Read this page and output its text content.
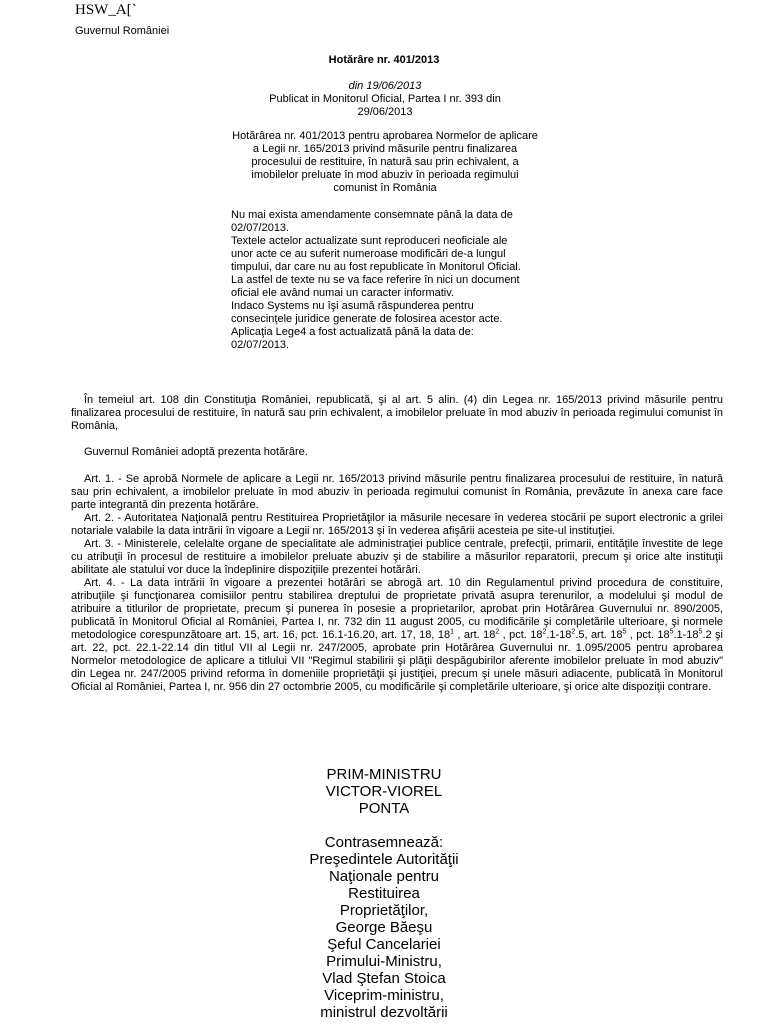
HSW_A[`
Guvernul României
Hotărâre nr. 401/2013
din 19/06/2013
Publicat in Monitorul Oficial, Partea I nr. 393 din
29/06/2013
Hotărârea nr. 401/2013 pentru aprobarea Normelor de aplicare a Legii nr. 165/2013 privind măsurile pentru finalizarea procesului de restituire, în natură sau prin echivalent, a imobilelor preluate în mod abuziv în perioada regimului comunist în România

Nu mai exista amendamente consemnate până la data de 02/07/2013.

Textele actelor actualizate sunt reproduceri neoficiale ale unor acte ce au suferit numeroase modificări de-a lungul timpului, dar care nu au fost republicate în Monitorul Oficial. La astfel de texte nu se va face referire în nici un document oficial ele având numai un caracter informativ.

Indaco Systems nu îşi asumă răspunderea pentru consecinţele juridice generate de folosirea acestor acte.

Aplicaţia Lege4 a fost actualizată până la data de: 02/07/2013.

În temeiul art. 108 din Constituţia României, republicată, şi al art. 5 alin. (4) din Legea nr. 165/2013 privind măsurile pentru finalizarea procesului de restituire, în natură sau prin echivalent, a imobilelor preluate în mod abuziv în perioada regimului comunist în România,

Guvernul României adoptă prezenta hotărâre.

Art. 1. - Se aprobă Normele de aplicare a Legii nr. 165/2013 privind măsurile pentru finalizarea procesului de restituire, în natură sau prin echivalent, a imobilelor preluate în mod abuziv în perioada regimului comunist în România, prevăzute în anexa care face parte integrantă din prezenta hotărâre.

Art. 2. - Autoritatea Naţională pentru Restituirea Proprietăţilor ia măsurile necesare în vederea stocării pe suport electronic a grilei notariale valabile la data intrării în vigoare a Legii nr. 165/2013 şi în vederea afişării acesteia pe site-ul instituţiei.

Art. 3. - Ministerele, celelalte organe de specialitate ale administraţiei publice centrale, prefecţii, primarii, entităţile învestite de lege cu atribuţii în procesul de restituire a imobilelor preluate abuziv şi de stabilire a măsurilor reparatorii, precum şi orice alte instituţii abilitate ale statului vor duce la îndeplinire dispoziţiile prezentei hotărâri.

Art. 4. - La data intrării în vigoare a prezentei hotărâri se abrogă art. 10 din Regulamentul privind procedura de constituire, atribuţiile şi funcţionarea comisiilor pentru stabilirea dreptului de proprietate privată asupra terenurilor, a modelului şi modul de atribuire a titlurilor de proprietate, precum şi punerea în posesie a proprietarilor, aprobat prin Hotărârea Guvernului nr. 890/2005, publicată în Monitorul Oficial al României, Partea I, nr. 732 din 11 august 2005, cu modificările şi completările ulterioare, şi normele metodologice corespunzătoare art. 15, art. 16, pct. 16.1-16.20, art. 17, 18, $18^1$ , art. $18^2$ , pct. $18^2.1-18^2.5$, art. $18^5$ , pct. $18^5.1-18^5.2$ şi art. 22, pct. 22.1-22.14 din titlul VII al Legii nr. 247/2005, aprobate prin Hotărârea Guvernului nr. 1.095/2005 pentru aprobarea Normelor metodologice de aplicare a titlului VII "Regimul stabilirii şi plăţii despăgubirilor aferente imobilelor preluate în mod abuziv" din Legea nr. 247/2005 privind reforma în domeniile proprietăţii şi justiţiei, precum şi unele măsuri adiacente, publicată în Monitorul Oficial al României, Partea I, nr. 956 din 27 octombrie 2005, cu modificările şi completările ulterioare, şi orice alte dispoziţii contrare.

PRIM-MINISTRU
VICTOR-VIOREL
PONTA
Contrasemnează:
Preşedintele Autorităţii
Naţionale pentru
Restituirea
Proprietăţilor,
George Băeşu
Şeful Cancelariei
Primului-Ministru,
Vlad Ştefan Stoica
Viceprim-ministru,
ministrul dezvoltării
